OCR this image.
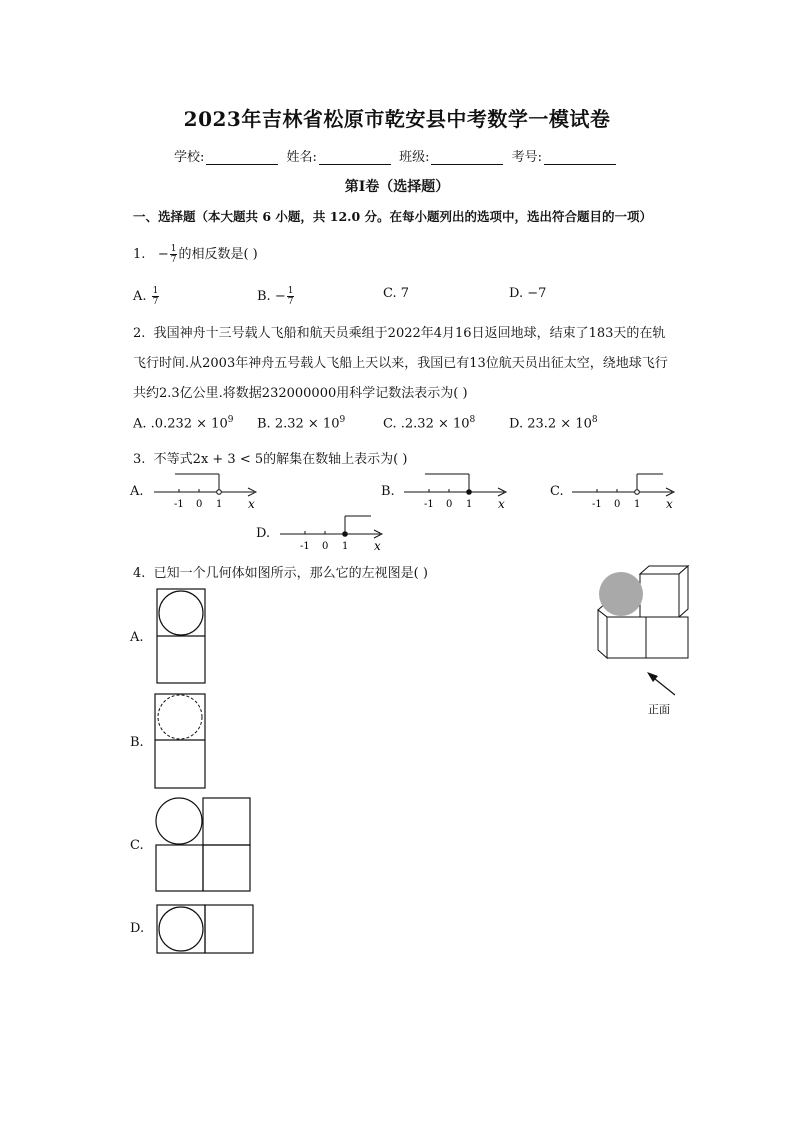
2023年吉林省松原市乾安县中考数学一模试卷
学校:	姓名:	班级:	考号:
第Ⅰ卷（选择题）
一、选择题（本大题共 6 小题，共 12.0 分。在每小题列出的选项中，选出符合题目的一项）
1. − $\frac{1}{7}$ 的相反数是( )
A. $\frac{1}{7}$	B. − $\frac{1}{7}$	C. 7	D. −7
2. 我国神舟十三号载人飞船和航天员乘组于2022年4月16日返回地球，结束了183天的在轨
飞行时间.从2003年神舟五号载人飞船上天以来，我国已有13位航天员出征太空，绕地球飞行
共约2.3亿公里.将数据232000000用科学记数法表示为( )
A. $.0.232 \times 10^9$ B. $2.32 \times 10^9$	C. $.2.32 \times 10^8$	D. $23.2 \times 10^8$
3. 不等式2x + 3 < 5的解集在数轴上表示为( )
A.
-1 0 1 x
B.
-1 0 1 x
C.
-1 0 1 x
D.
-1 0 1 x
4. 已知一个几何体如图所示，那么它的左视图是( )
A.
B.
C.
D.
正面
